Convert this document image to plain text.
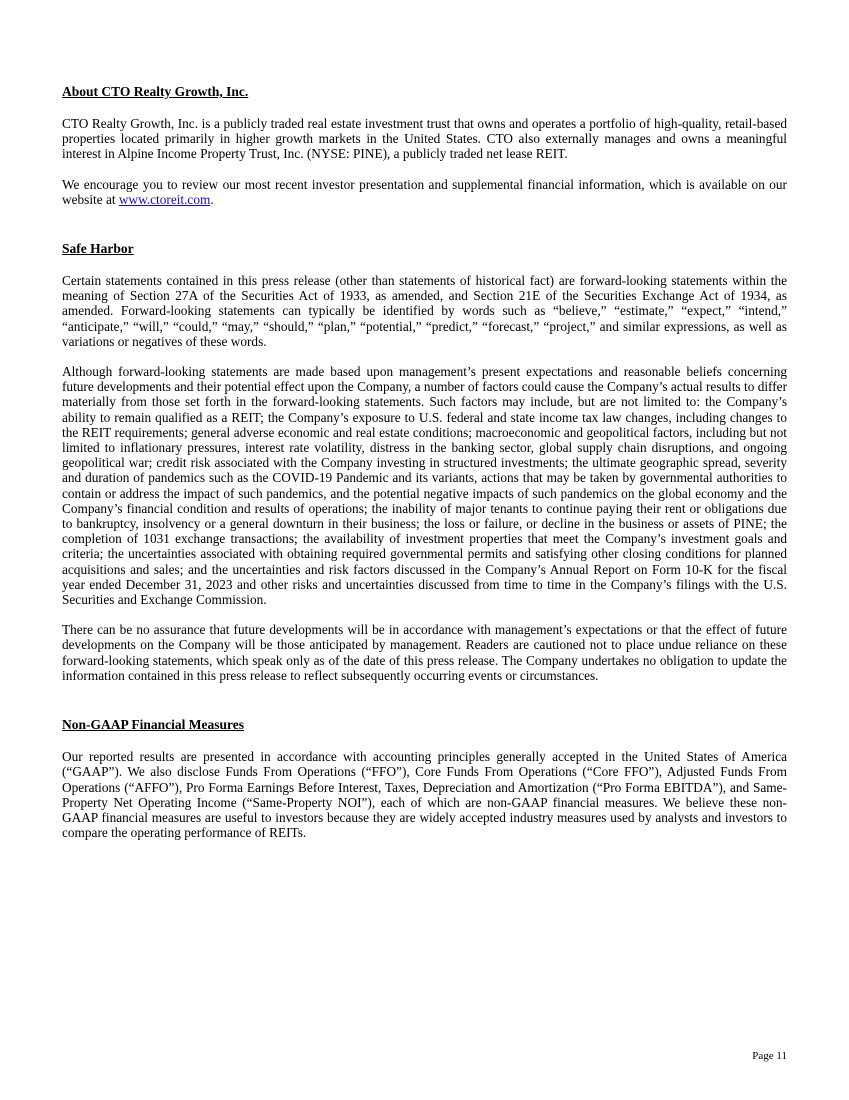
About CTO Realty Growth, Inc.

CTO Realty Growth, Inc. is a publicly traded real estate investment trust that owns and operates a portfolio of high-quality, retail-based properties located primarily in higher growth markets in the United States. CTO also externally manages and owns a meaningful interest in Alpine Income Property Trust, Inc. (NYSE: PINE), a publicly traded net lease REIT.

We encourage you to review our most recent investor presentation and supplemental financial information, which is available on our website at www.ctoreit.com.

Safe Harbor

Certain statements contained in this press release (other than statements of historical fact) are forward-looking statements within the meaning of Section 27A of the Securities Act of 1933, as amended, and Section 21E of the Securities Exchange Act of 1934, as amended. Forward-looking statements can typically be identified by words such as “believe,” “estimate,” “expect,” “intend,” “anticipate,” “will,” “could,” “may,” “should,” “plan,” “potential,” “predict,” “forecast,” “project,” and similar expressions, as well as variations or negatives of these words.

Although forward-looking statements are made based upon management’s present expectations and reasonable beliefs concerning future developments and their potential effect upon the Company, a number of factors could cause the Company’s actual results to differ materially from those set forth in the forward-looking statements. Such factors may include, but are not limited to: the Company’s ability to remain qualified as a REIT; the Company’s exposure to U.S. federal and state income tax law changes, including changes to the REIT requirements; general adverse economic and real estate conditions; macroeconomic and geopolitical factors, including but not limited to inflationary pressures, interest rate volatility, distress in the banking sector, global supply chain disruptions, and ongoing geopolitical war; credit risk associated with the Company investing in structured investments; the ultimate geographic spread, severity and duration of pandemics such as the COVID-19 Pandemic and its variants, actions that may be taken by governmental authorities to contain or address the impact of such pandemics, and the potential negative impacts of such pandemics on the global economy and the Company’s financial condition and results of operations; the inability of major tenants to continue paying their rent or obligations due to bankruptcy, insolvency or a general downturn in their business; the loss or failure, or decline in the business or assets of PINE; the completion of 1031 exchange transactions; the availability of investment properties that meet the Company’s investment goals and criteria; the uncertainties associated with obtaining required governmental permits and satisfying other closing conditions for planned acquisitions and sales; and the uncertainties and risk factors discussed in the Company’s Annual Report on Form 10-K for the fiscal year ended December 31, 2023 and other risks and uncertainties discussed from time to time in the Company’s filings with the U.S. Securities and Exchange Commission.

There can be no assurance that future developments will be in accordance with management’s expectations or that the effect of future developments on the Company will be those anticipated by management. Readers are cautioned not to place undue reliance on these forward-looking statements, which speak only as of the date of this press release. The Company undertakes no obligation to update the information contained in this press release to reflect subsequently occurring events or circumstances.

Non-GAAP Financial Measures

Our reported results are presented in accordance with accounting principles generally accepted in the United States of America (“GAAP”). We also disclose Funds From Operations (“FFO”), Core Funds From Operations (“Core FFO”), Adjusted Funds From Operations (“AFFO”), Pro Forma Earnings Before Interest, Taxes, Depreciation and Amortization (“Pro Forma EBITDA”), and Same-Property Net Operating Income (“Same-Property NOI”), each of which are non-GAAP financial measures. We believe these non-GAAP financial measures are useful to investors because they are widely accepted industry measures used by analysts and investors to compare the operating performance of REITs.

Page 11
